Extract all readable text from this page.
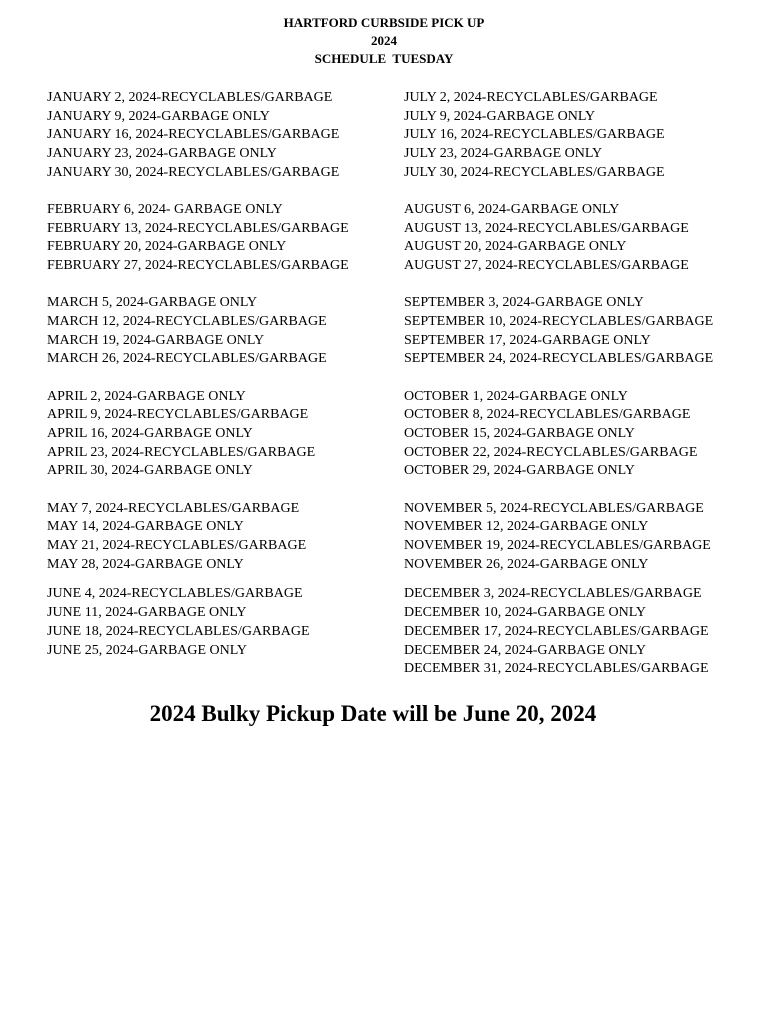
HARTFORD CURBSIDE PICK UP
2024
SCHEDULE  TUESDAY
JANUARY 2, 2024-RECYCLABLES/GARBAGE
JANUARY 9, 2024-GARBAGE ONLY
JANUARY 16, 2024-RECYCLABLES/GARBAGE
JANUARY 23, 2024-GARBAGE ONLY
JANUARY 30, 2024-RECYCLABLES/GARBAGE
FEBRUARY 6, 2024- GARBAGE ONLY
FEBRUARY 13, 2024-RECYCLABLES/GARBAGE
FEBRUARY 20, 2024-GARBAGE ONLY
FEBRUARY 27, 2024-RECYCLABLES/GARBAGE
MARCH 5, 2024-GARBAGE ONLY
MARCH 12, 2024-RECYCLABLES/GARBAGE
MARCH 19, 2024-GARBAGE ONLY
MARCH 26, 2024-RECYCLABLES/GARBAGE
APRIL 2, 2024-GARBAGE ONLY
APRIL 9, 2024-RECYCLABLES/GARBAGE
APRIL 16, 2024-GARBAGE ONLY
APRIL 23, 2024-RECYCLABLES/GARBAGE
APRIL 30, 2024-GARBAGE ONLY
MAY 7, 2024-RECYCLABLES/GARBAGE
MAY 14, 2024-GARBAGE ONLY
MAY 21, 2024-RECYCLABLES/GARBAGE
MAY 28, 2024-GARBAGE ONLY
JUNE 4, 2024-RECYCLABLES/GARBAGE
JUNE 11, 2024-GARBAGE ONLY
JUNE 18, 2024-RECYCLABLES/GARBAGE
JUNE 25, 2024-GARBAGE ONLY
JULY 2, 2024-RECYCLABLES/GARBAGE
JULY 9, 2024-GARBAGE ONLY
JULY 16, 2024-RECYCLABLES/GARBAGE
JULY 23, 2024-GARBAGE ONLY
JULY 30, 2024-RECYCLABLES/GARBAGE
AUGUST 6, 2024-GARBAGE ONLY
AUGUST 13, 2024-RECYCLABLES/GARBAGE
AUGUST 20, 2024-GARBAGE ONLY
AUGUST 27, 2024-RECYCLABLES/GARBAGE
SEPTEMBER 3, 2024-GARBAGE ONLY
SEPTEMBER 10, 2024-RECYCLABLES/GARBAGE
SEPTEMBER 17, 2024-GARBAGE ONLY
SEPTEMBER 24, 2024-RECYCLABLES/GARBAGE
OCTOBER 1, 2024-GARBAGE ONLY
OCTOBER 8, 2024-RECYCLABLES/GARBAGE
OCTOBER 15, 2024-GARBAGE ONLY
OCTOBER 22, 2024-RECYCLABLES/GARBAGE
OCTOBER 29, 2024-GARBAGE ONLY
NOVEMBER 5, 2024-RECYCLABLES/GARBAGE
NOVEMBER 12, 2024-GARBAGE ONLY
NOVEMBER 19, 2024-RECYCLABLES/GARBAGE
NOVEMBER 26, 2024-GARBAGE ONLY
DECEMBER 3, 2024-RECYCLABLES/GARBAGE
DECEMBER 10, 2024-GARBAGE ONLY
DECEMBER 17, 2024-RECYCLABLES/GARBAGE
DECEMBER 24, 2024-GARBAGE ONLY
DECEMBER 31, 2024-RECYCLABLES/GARBAGE
2024 Bulky Pickup Date will be June 20, 2024
